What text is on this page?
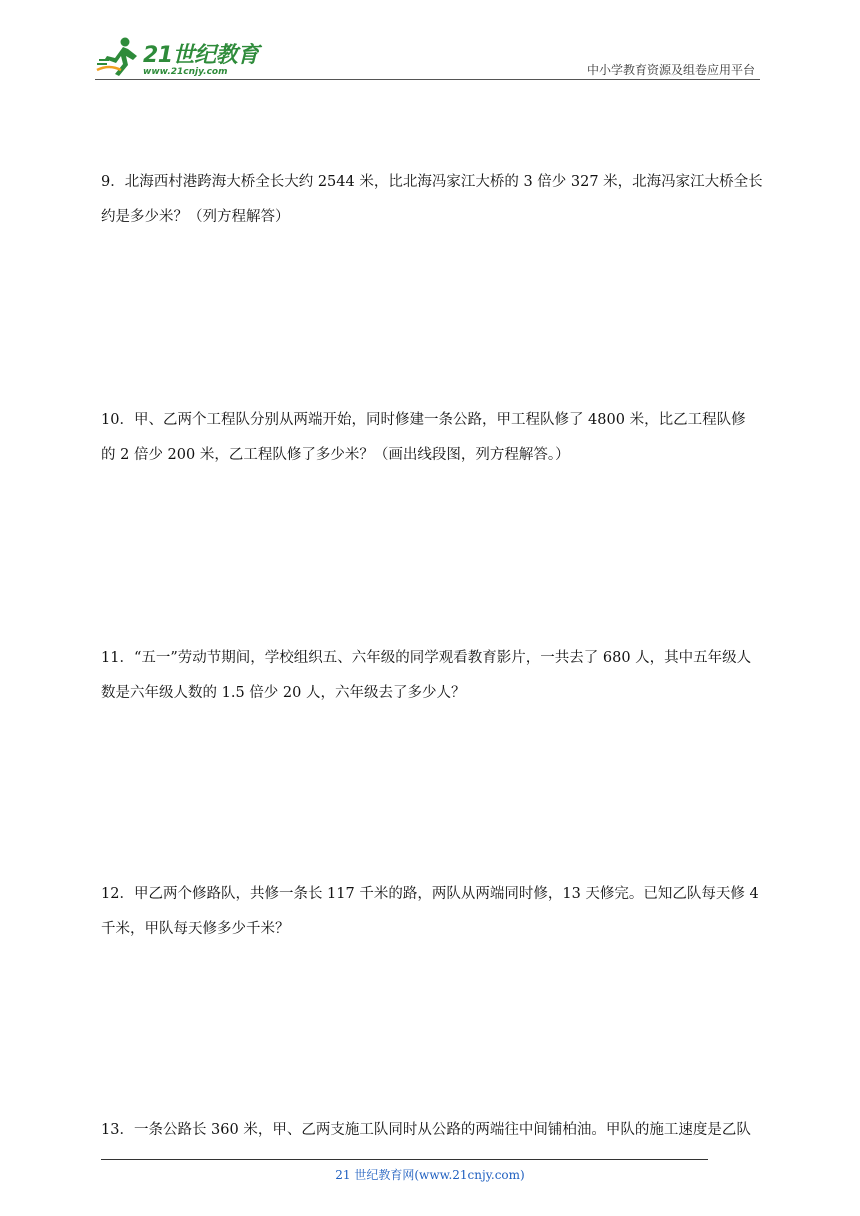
21世纪教育
www.21cnjy.com	中小学教育资源及组卷应用平台
9．北海西村港跨海大桥全长大约 2544 米，比北海冯家江大桥的 3 倍少 327 米，北海冯家江大桥全长
约是多少米？（列方程解答）
10．甲、乙两个工程队分别从两端开始，同时修建一条公路，甲工程队修了 4800 米，比乙工程队修
的 2 倍少 200 米，乙工程队修了多少米？（画出线段图，列方程解答。）
11．“五一”劳动节期间，学校组织五、六年级的同学观看教育影片，一共去了 680 人，其中五年级人
数是六年级人数的 1.5 倍少 20 人，六年级去了多少人？
12．甲乙两个修路队，共修一条长 117 千米的路，两队从两端同时修，13 天修完。已知乙队每天修 4
千米，甲队每天修多少千米？
13．一条公路长 360 米，甲、乙两支施工队同时从公路的两端往中间铺柏油。甲队的施工速度是乙队
21 世纪教育网(www.21cnjy.com)
